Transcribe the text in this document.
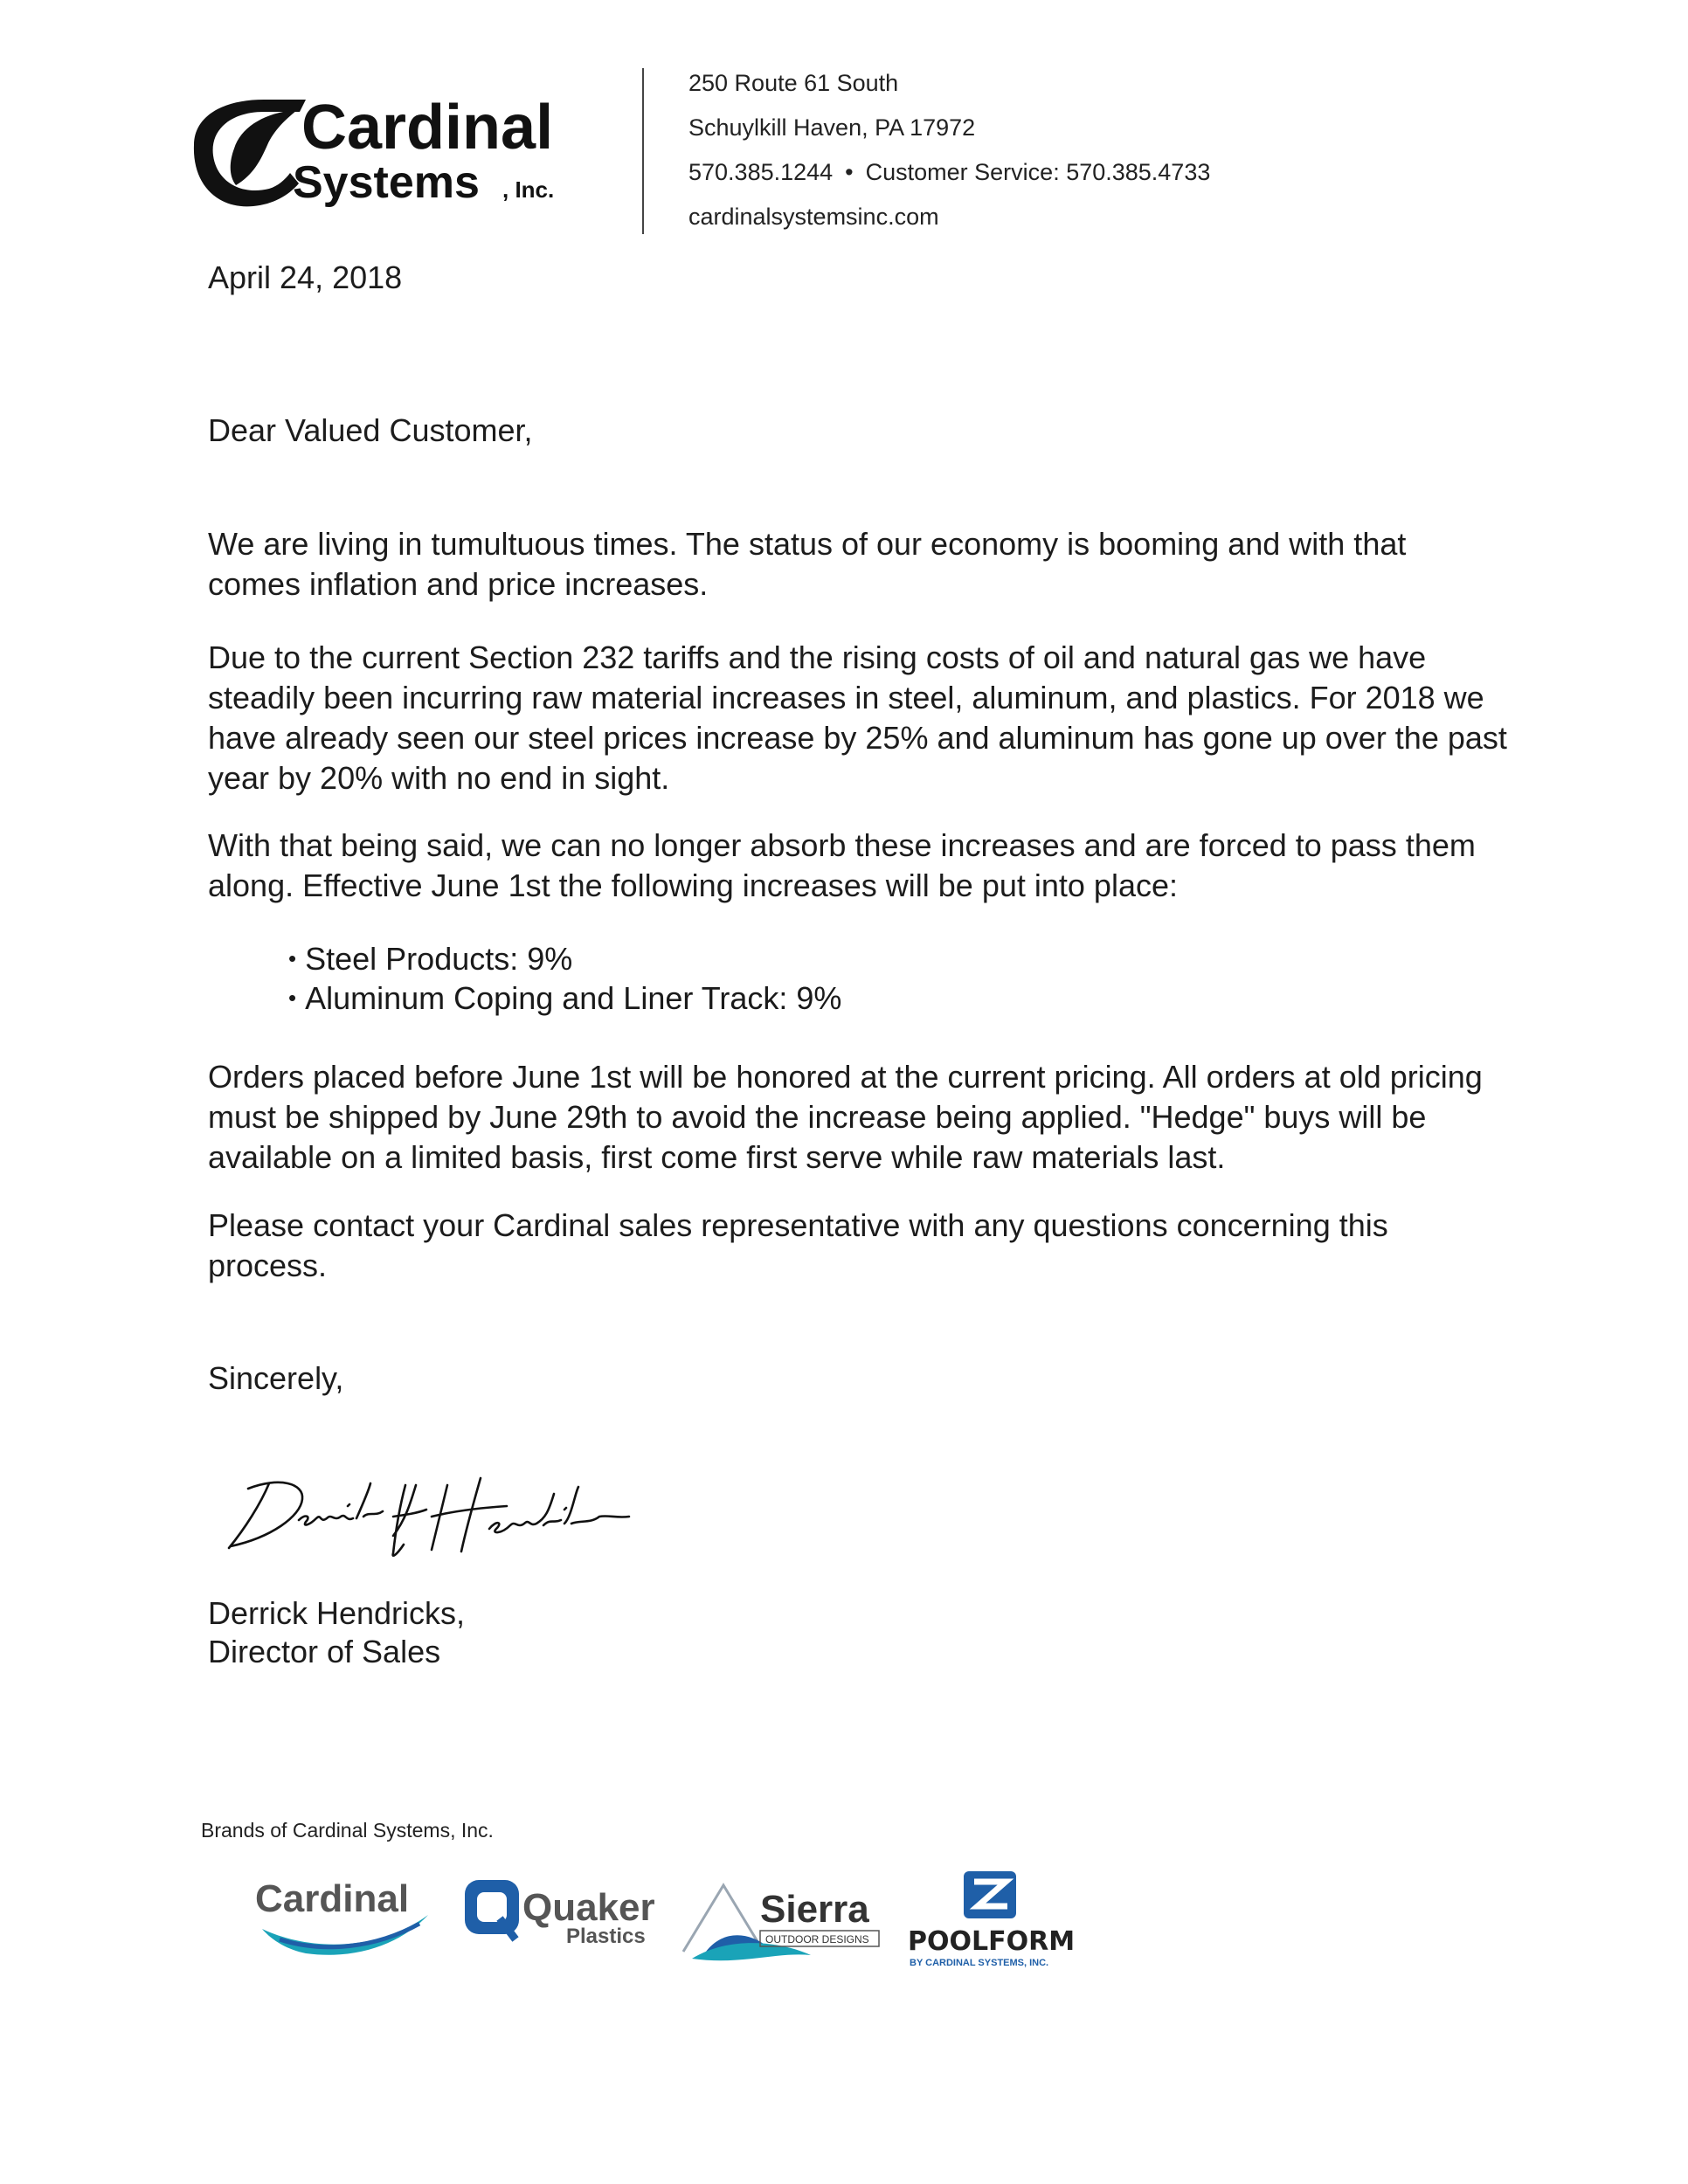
Cardinal
Systems , Inc.
250 Route 61 South
Schuylkill Haven, PA 17972
570.385.1244 • Customer Service: 570.385.4733
cardinalsystemsinc.com
April 24, 2018
Dear Valued Customer,
We are living in tumultuous times. The status of our economy is booming and with that comes inflation and price increases.
Due to the current Section 232 tariffs and the rising costs of oil and natural gas we have steadily been incurring raw material increases in steel, aluminum, and plastics. For 2018 we have already seen our steel prices increase by 25% and aluminum has gone up over the past year by 20% with no end in sight.
With that being said, we can no longer absorb these increases and are forced to pass them along. Effective June 1st the following increases will be put into place:
• Steel Products: 9%
• Aluminum Coping and Liner Track: 9%
Orders placed before June 1st will be honored at the current pricing. All orders at old pricing must be shipped by June 29th to avoid the increase being applied. "Hedge" buys will be available on a limited basis, first come first serve while raw materials last.
Please contact your Cardinal sales representative with any questions concerning this process.
Sincerely,
Derrick Hendricks,
Director of Sales
Brands of Cardinal Systems, Inc.
Cardinal	Quaker
Plastics
Sierra
OUTDOOR DESIGNS POOLFORM
BY CARDINAL SYSTEMS, INC.
